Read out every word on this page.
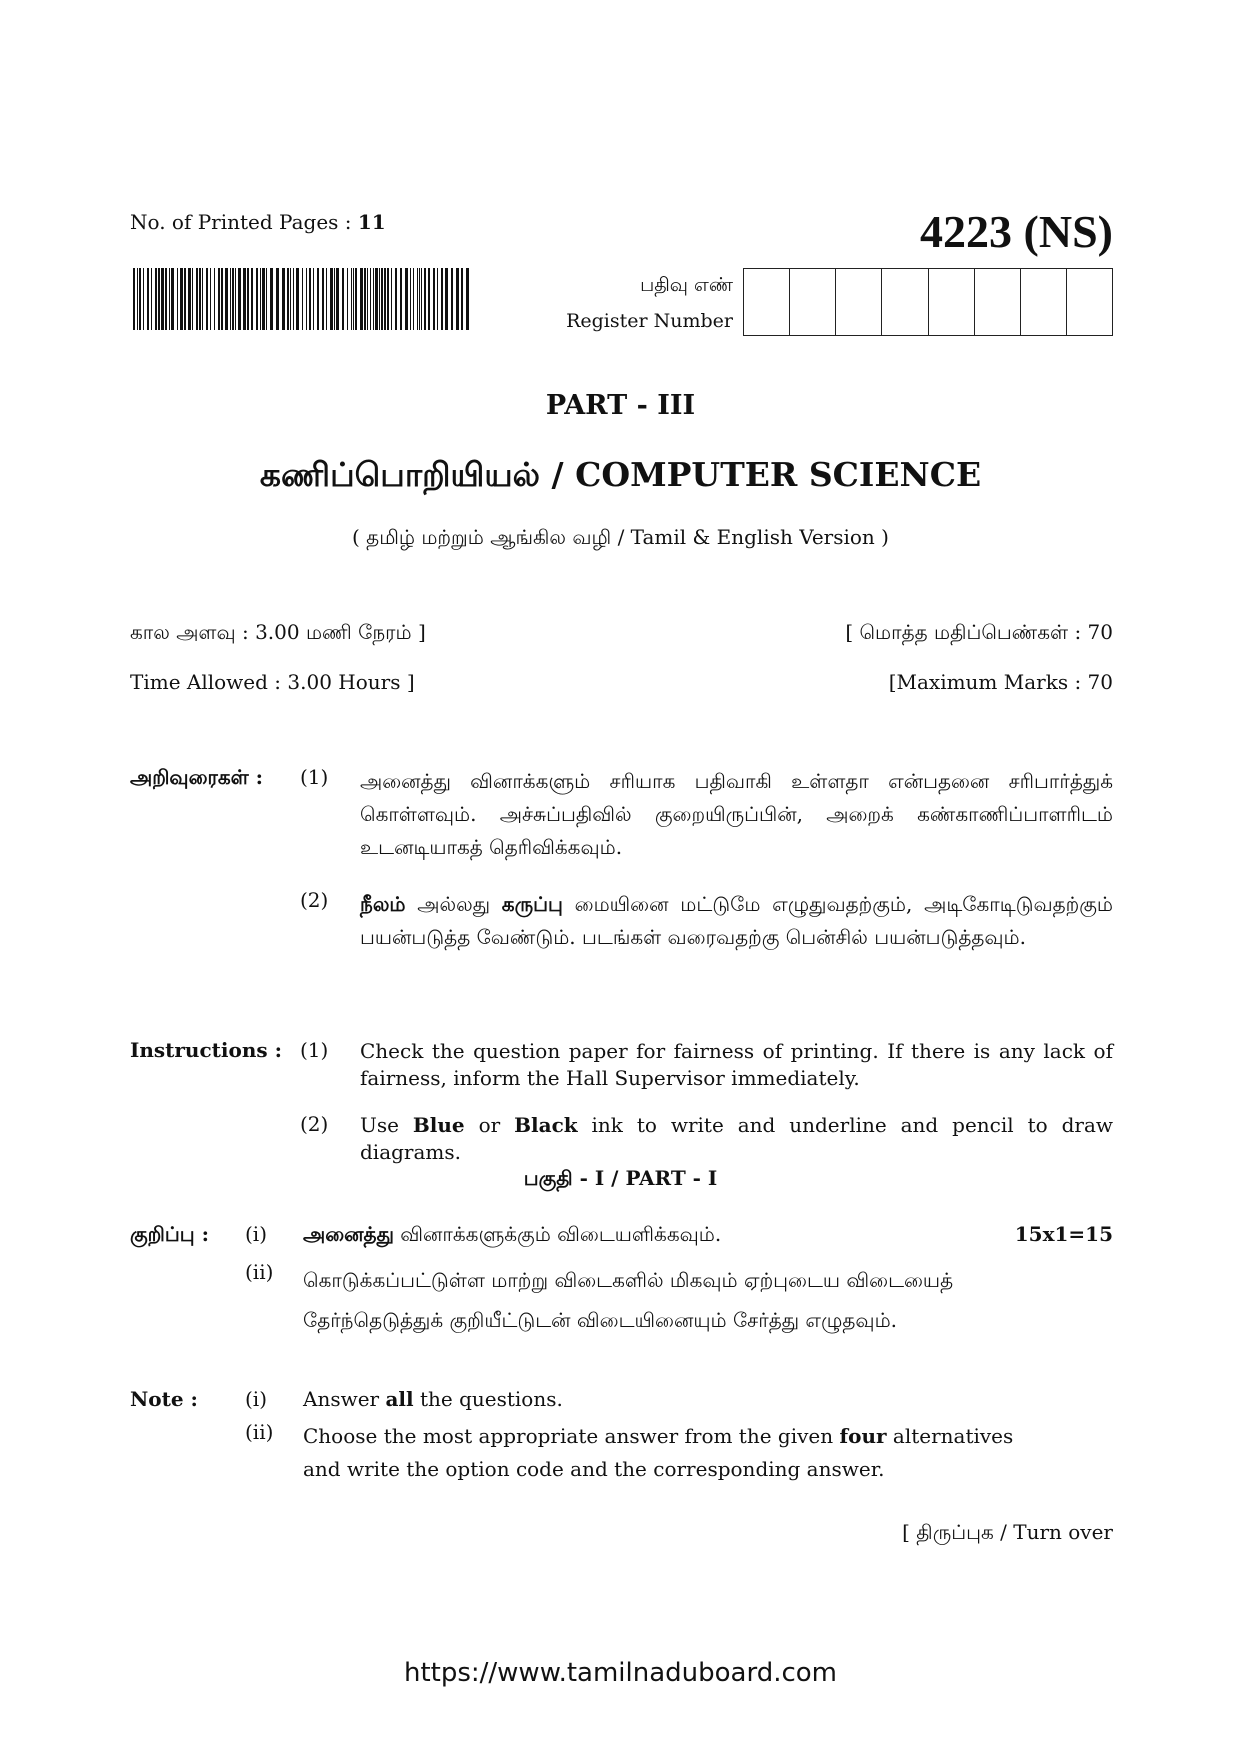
No. of Printed Pages : 11	4223 (NS)
பதிவு எண்
Register Number
PART - III
கணிப்பொறியியல் / COMPUTER SCIENCE
( தமிழ் மற்றும் ஆங்கில வழி / Tamil & English Version )
கால அளவு : 3.00 மணி நேரம் ]	[ மொத்த மதிப்பெண்கள் : 70
Time Allowed : 3.00 Hours ]	[Maximum Marks : 70
அறிவுரைகள் : (1) அனைத்து வினாக்களும் சரியாக பதிவாகி உள்ளதா என்பதனை சரிபார்த்துக் கொள்ளவும். அச்சுப்பதிவில் குறையிருப்பின், அறைக் கண்காணிப்பாளரிடம் உடனடியாகத் தெரிவிக்கவும்.
(2) நீலம் அல்லது கருப்பு மையினை மட்டுமே எழுதுவதற்கும், அடிகோடிடுவதற்கும் பயன்படுத்த வேண்டும். படங்கள் வரைவதற்கு பென்சில் பயன்படுத்தவும்.
Instructions : (1) Check the question paper for fairness of printing. If there is any lack of fairness, inform the Hall Supervisor immediately.
(2) Use Blue or Black ink to write and underline and pencil to draw diagrams.
பகுதி - I / PART - I
குறிப்பு : (i) அனைத்து வினாக்களுக்கும் விடையளிக்கவும்.	15x1=15
(ii) கொடுக்கப்பட்டுள்ள மாற்று விடைகளில் மிகவும் ஏற்புடைய விடையைத் தேர்ந்தெடுத்துக் குறியீட்டுடன் விடையினையும் சேர்த்து எழுதவும்.
Note : (i) Answer all the questions.
(ii) Choose the most appropriate answer from the given four alternatives and write the option code and the corresponding answer.
[ திருப்புக / Turn over
https://www.tamilnaduboard.com
